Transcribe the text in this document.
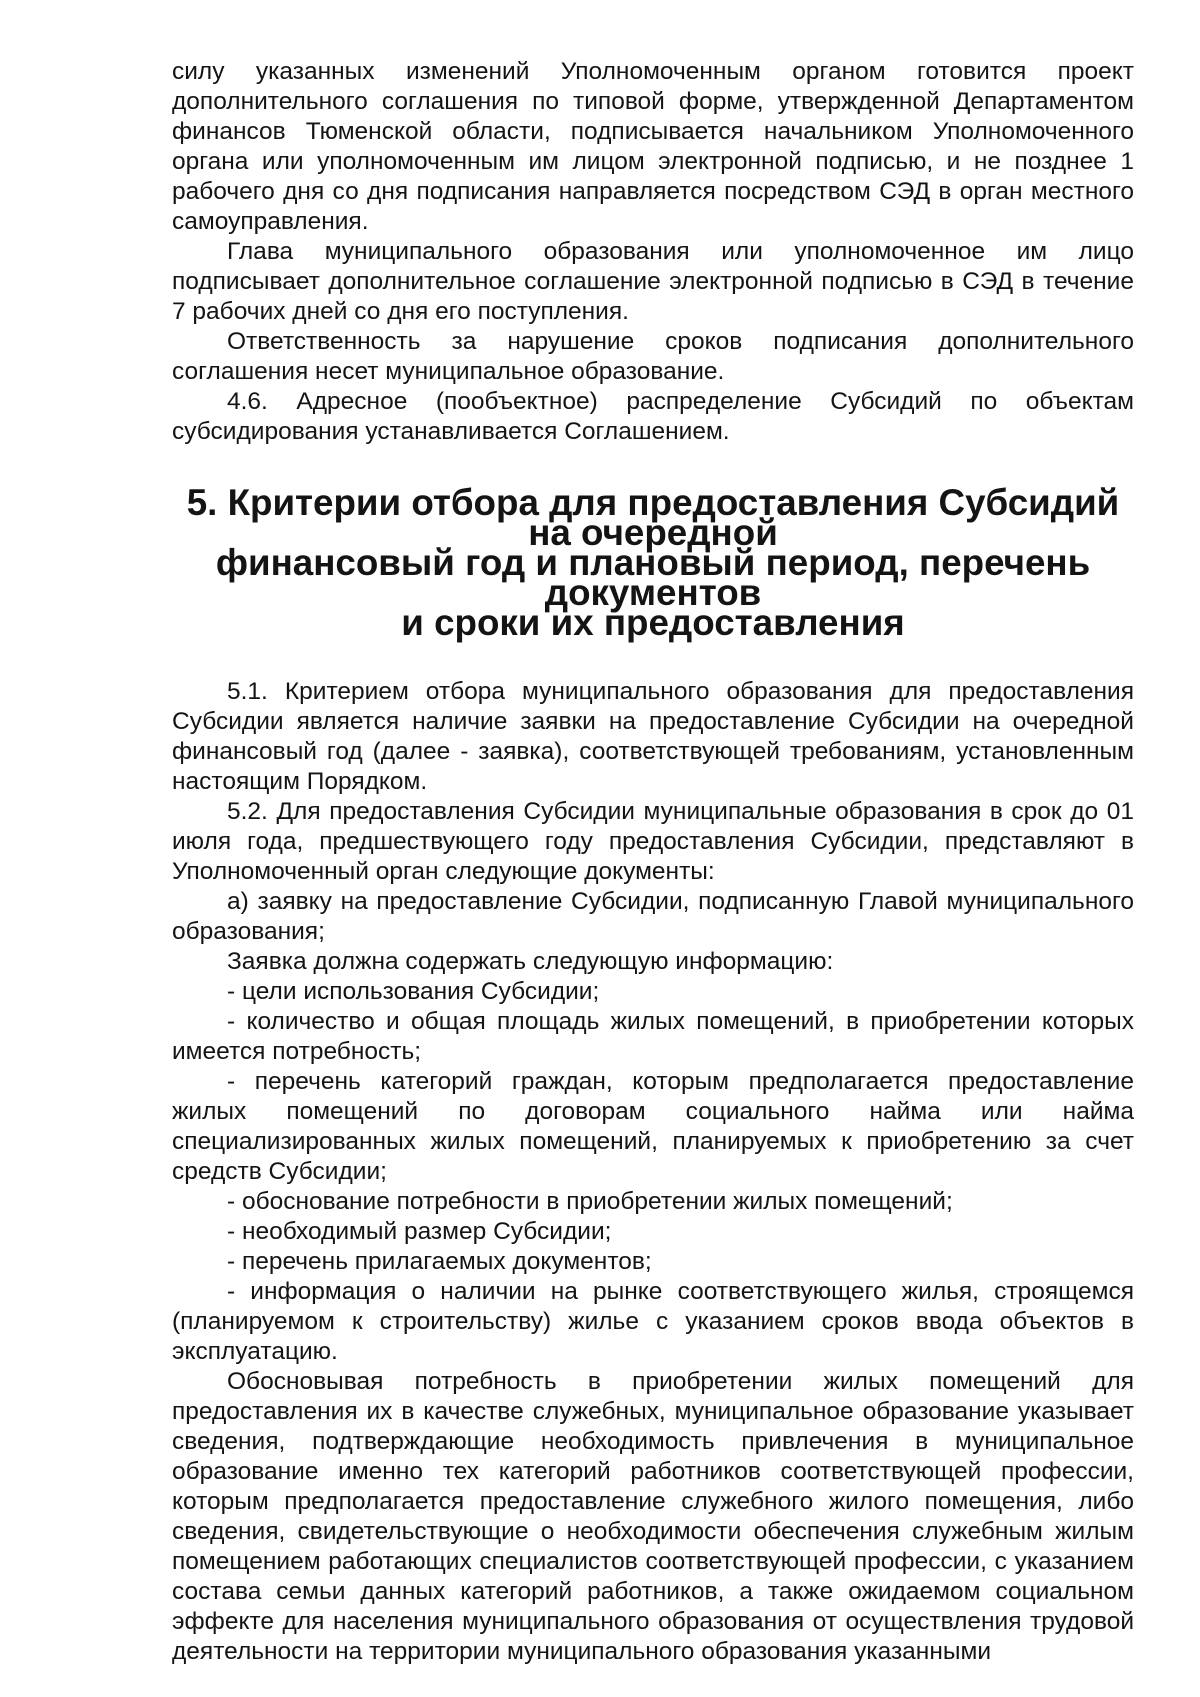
силу указанных изменений Уполномоченным органом готовится проект дополнительного соглашения по типовой форме, утвержденной Департаментом финансов Тюменской области, подписывается начальником Уполномоченного органа или уполномоченным им лицом электронной подписью, и не позднее 1 рабочего дня со дня подписания направляется посредством СЭД в орган местного самоуправления.

Глава муниципального образования или уполномоченное им лицо подписывает дополнительное соглашение электронной подписью в СЭД в течение 7 рабочих дней со дня его поступления.

Ответственность за нарушение сроков подписания дополнительного соглашения несет муниципальное образование.

4.6. Адресное (пообъектное) распределение Субсидий по объектам субсидирования устанавливается Соглашением.

5. Критерии отбора для предоставления Субсидий на очередной
финансовый год и плановый период, перечень документов
и сроки их предоставления

5.1. Критерием отбора муниципального образования для предоставления Субсидии является наличие заявки на предоставление Субсидии на очередной финансовый год (далее - заявка), соответствующей требованиям, установленным настоящим Порядком.

5.2. Для предоставления Субсидии муниципальные образования в срок до 01 июля года, предшествующего году предоставления Субсидии, представляют в Уполномоченный орган следующие документы:

а) заявку на предоставление Субсидии, подписанную Главой муниципального образования;

Заявка должна содержать следующую информацию:

- цели использования Субсидии;

- количество и общая площадь жилых помещений, в приобретении которых имеется потребность;

- перечень категорий граждан, которым предполагается предоставление жилых помещений по договорам социального найма или найма специализированных жилых помещений, планируемых к приобретению за счет средств Субсидии;

- обоснование потребности в приобретении жилых помещений;

- необходимый размер Субсидии;

- перечень прилагаемых документов;

- информация о наличии на рынке соответствующего жилья, строящемся (планируемом к строительству) жилье с указанием сроков ввода объектов в эксплуатацию.

Обосновывая потребность в приобретении жилых помещений для предоставления их в качестве служебных, муниципальное образование указывает сведения, подтверждающие необходимость привлечения в муниципальное образование именно тех категорий работников соответствующей профессии, которым предполагается предоставление служебного жилого помещения, либо сведения, свидетельствующие о необходимости обеспечения служебным жилым помещением работающих специалистов соответствующей профессии, с указанием состава семьи данных категорий работников, а также ожидаемом социальном эффекте для населения муниципального образования от осуществления трудовой деятельности на территории муниципального образования указанными
